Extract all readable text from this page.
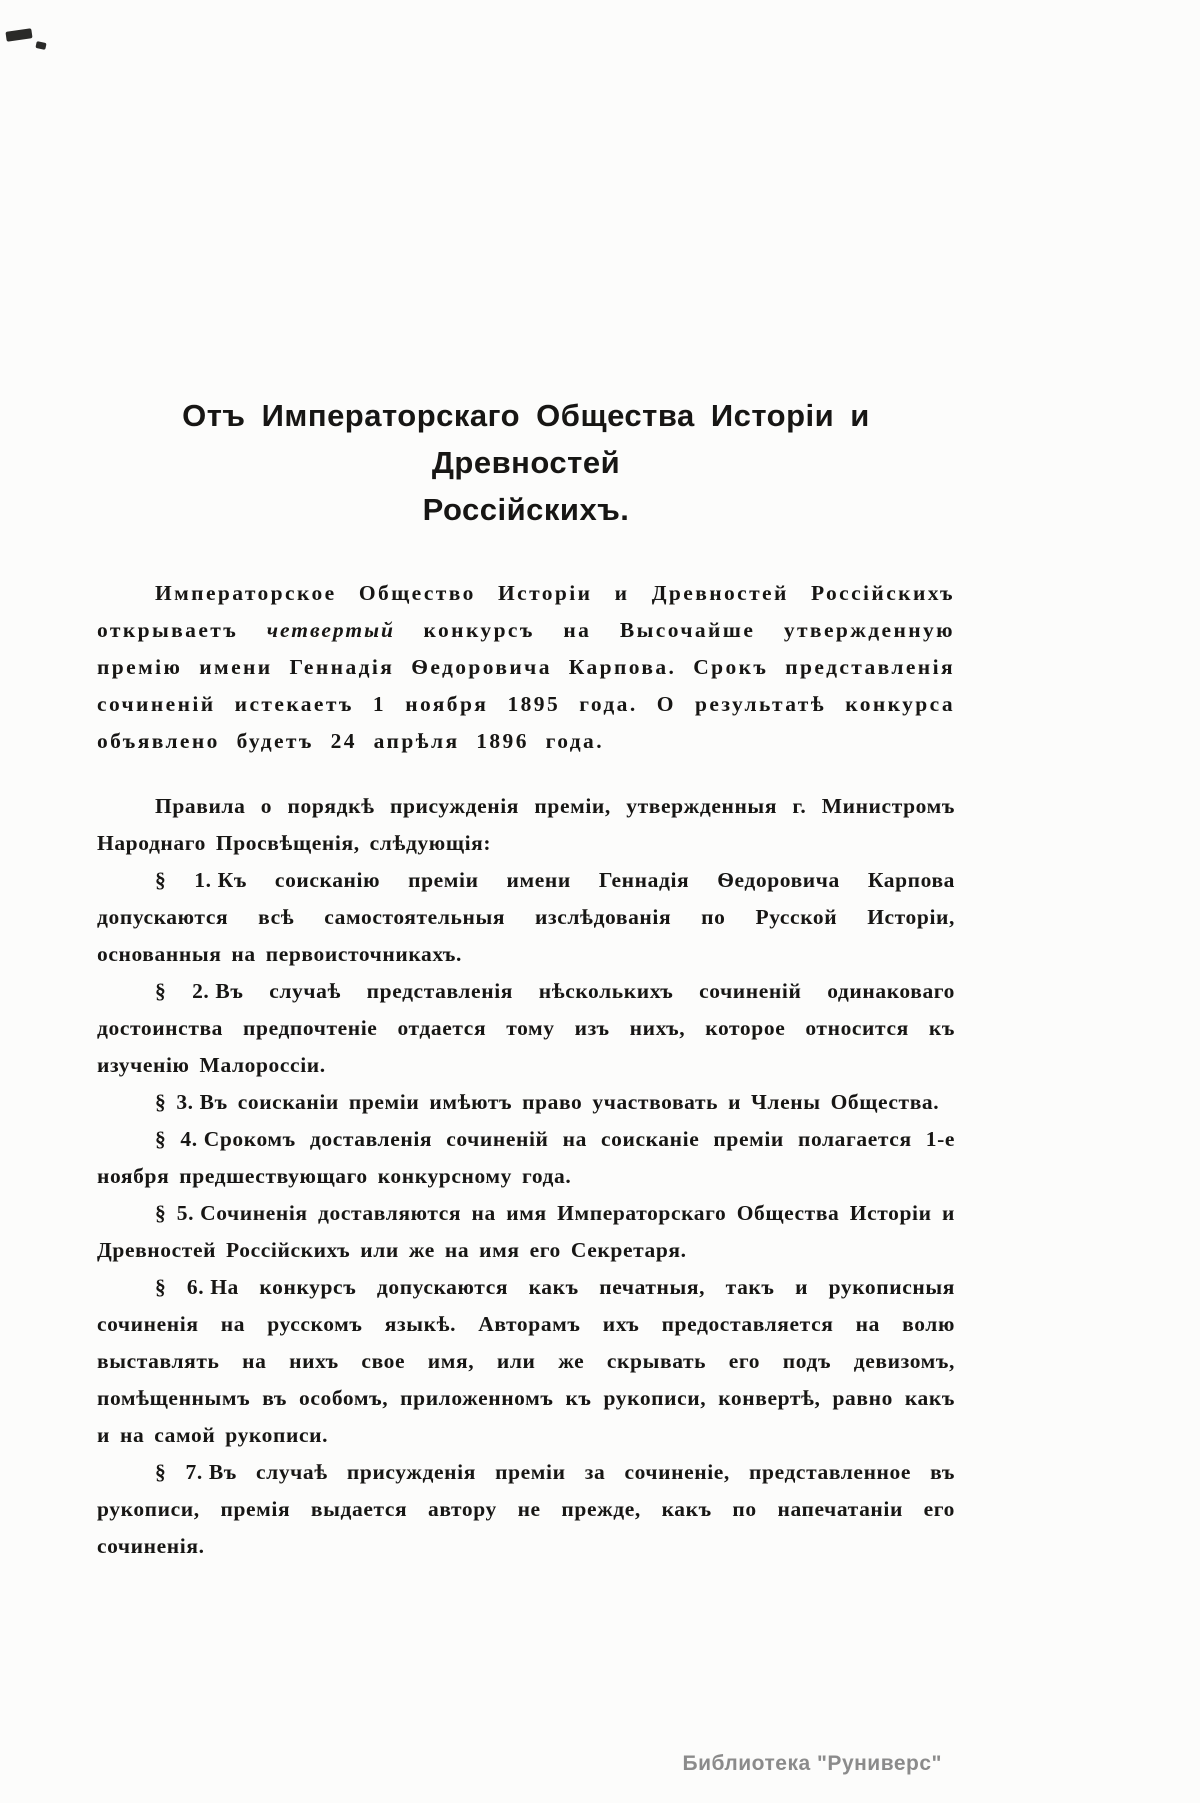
Отъ Императорскаго Общества Исторіи и Древностей
Россійскихъ.

Императорское Общество Исторіи и Древностей Россійскихъ открываетъ четвертый конкурсъ на Высочайше утвержденную премію имени Геннадія Ѳедоровича Карпова. Срокъ представленія сочиненій истекаетъ 1 ноября 1895 года. О результатѣ конкурса объявлено будетъ 24 апрѣля 1896 года.

Правила о порядкѣ присужденія преміи, утвержденныя г. Министромъ Народнаго Просвѣщенія, слѣдующія:

§ 1. Къ соисканію преміи имени Геннадія Ѳедоровича Карпова допускаются всѣ самостоятельныя изслѣдованія по Русской Исторіи, основанныя на первоисточникахъ.

§ 2. Въ случаѣ представленія нѣсколькихъ сочиненій одинаковаго достоинства предпочтеніе отдается тому изъ нихъ, которое относится къ изученію Малороссіи.

§ 3. Въ соисканіи преміи имѣютъ право участвовать и Члены Общества.

§ 4. Срокомъ доставленія сочиненій на соисканіе преміи полагается 1-е ноября предшествующаго конкурсному года.

§ 5. Сочиненія доставляются на имя Императорскаго Общества Исторіи и Древностей Россійскихъ или же на имя его Секретаря.

§ 6. На конкурсъ допускаются какъ печатныя, такъ и рукописныя сочиненія на русскомъ языкѣ. Авторамъ ихъ предоставляется на волю выставлять на нихъ свое имя, или же скрывать его подъ девизомъ, помѣщеннымъ въ особомъ, приложенномъ къ рукописи, конвертѣ, равно какъ и на самой рукописи.

§ 7. Въ случаѣ присужденія преміи за сочиненіе, представленное въ рукописи, премія выдается автору не прежде, какъ по напечатаніи его сочиненія.

Библиотека "Руниверс"
